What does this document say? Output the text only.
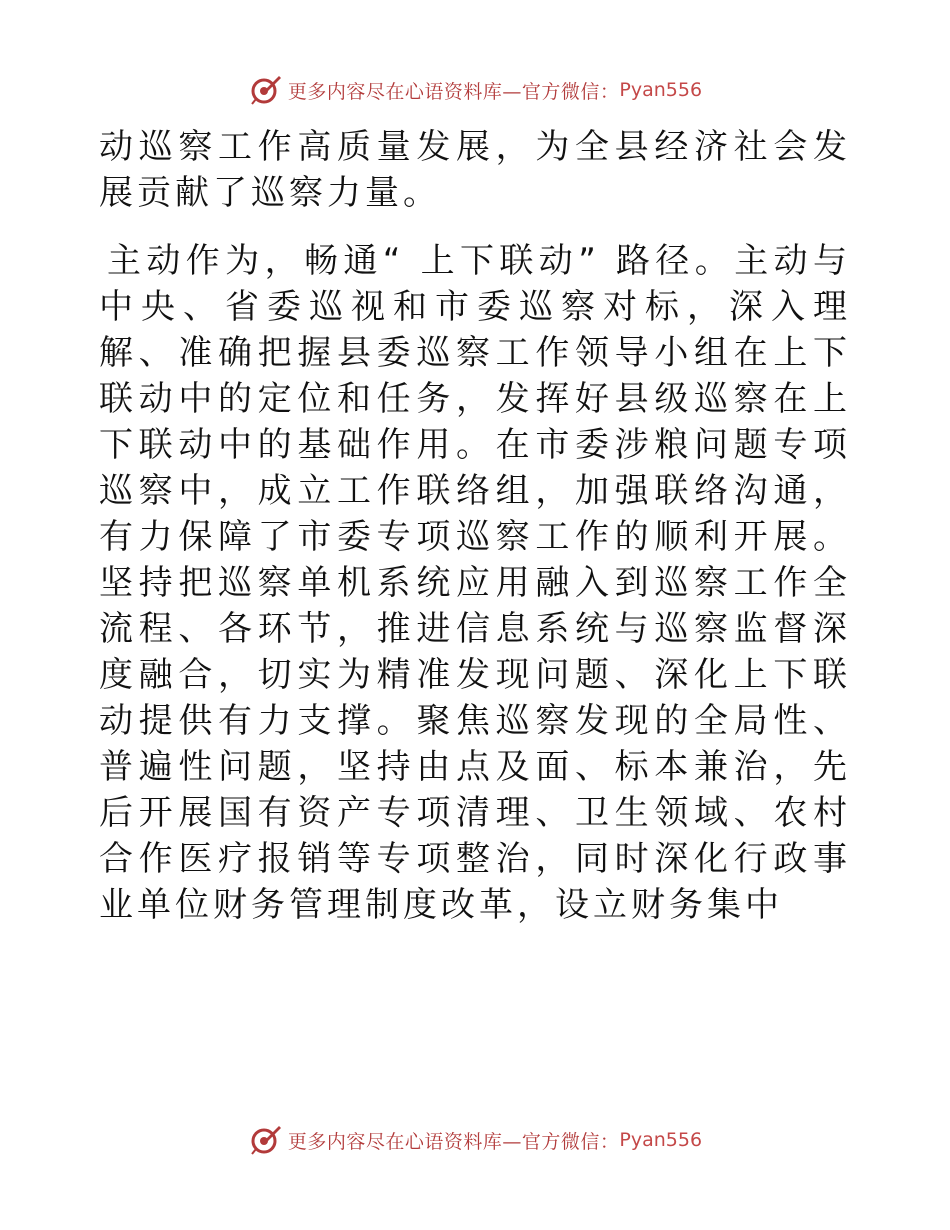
更多内容尽在心语资料库—官方微信： Pyan556

动巡察工作高质量发展，为全县经济社会发展贡献了巡察力量。

主动作为，畅通“ 上下联动” 路径。主动与中央、省委巡视和市委巡察对标，深入理解、准确把握县委巡察工作领导小组在上下联动中的定位和任务，发挥好县级巡察在上下联动中的基础作用。在市委涉粮问题专项巡察中，成立工作联络组，加强联络沟通，有力保障了市委专项巡察工作的顺利开展。坚持把巡察单机系统应用融入到巡察工作全流程、各环节，推进信息系统与巡察监督深度融合，切实为精准发现问题、深化上下联动提供有力支撑。聚焦巡察发现的全局性、普遍性问题，坚持由点及面、标本兼治，先后开展国有资产专项清理、卫生领域、农村合作医疗报销等专项整治，同时深化行政事业单位财务管理制度改革，设立财务集中

更多内容尽在心语资料库—官方微信： Pyan556
